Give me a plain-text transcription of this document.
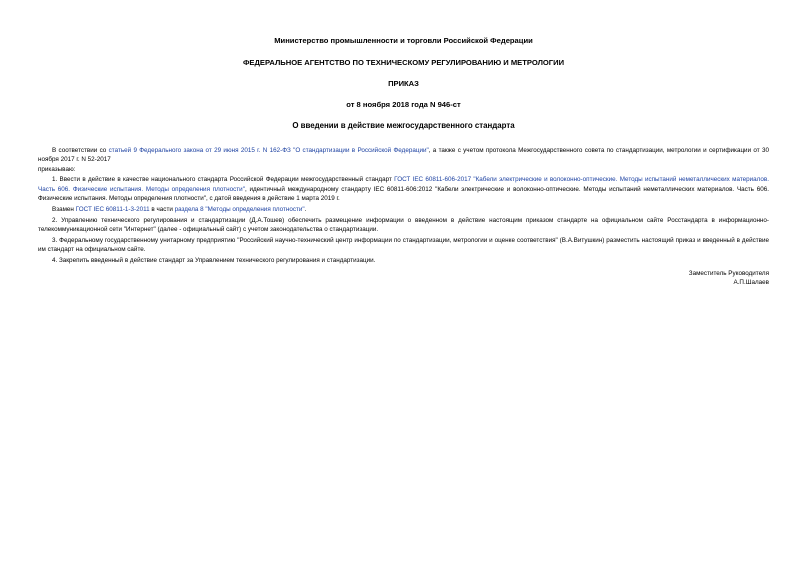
Министерство промышленности и торговли Российской Федерации
ФЕДЕРАЛЬНОЕ АГЕНТСТВО ПО ТЕХНИЧЕСКОМУ РЕГУЛИРОВАНИЮ И МЕТРОЛОГИИ
ПРИКАЗ
от 8 ноября 2018 года N 946-ст
О введении в действие межгосударственного стандарта

В соответствии со статьей 9 Федерального закона от 29 июня 2015 г. N 162-ФЗ "О стандартизации в Российской Федерации", а также с учетом протокола Межгосударственного совета по стандартизации, метрологии и сертификации от 30 ноября 2017 г. N 52-2017

приказываю:

1. Ввести в действие в качестве национального стандарта Российской Федерации межгосударственный стандарт ГОСТ IEC 60811-606-2017 "Кабели электрические и волоконно-оптические. Методы испытаний неметаллических материалов. Часть 606. Физические испытания. Методы определения плотности", идентичный международному стандарту IEC 60811-606:2012 "Кабели электрические и волоконно-оптические. Методы испытаний неметаллических материалов. Часть 606. Физические испытания. Методы определения плотности", с датой введения в действие 1 марта 2019 г.

Взамен ГОСТ IEC 60811-1-3-2011 в части раздела 8 "Методы определения плотности".

2. Управлению технического регулирования и стандартизации (Д.А.Тошев) обеспечить размещение информации о введенном в действие настоящим приказом стандарте на официальном сайте Росстандарта в информационно-телекоммуникационной сети "Интернет" (далее - официальный сайт) с учетом законодательства о стандартизации.

3. Федеральному государственному унитарному предприятию "Российский научно-технический центр информации по стандартизации, метрологии и оценке соответствия" (В.А.Витушкин) разместить настоящий приказ и введенный в действие им стандарт на официальном сайте.

4. Закрепить введенный в действие стандарт за Управлением технического регулирования и стандартизации.

Заместитель Руководителя
А.П.Шалаев
